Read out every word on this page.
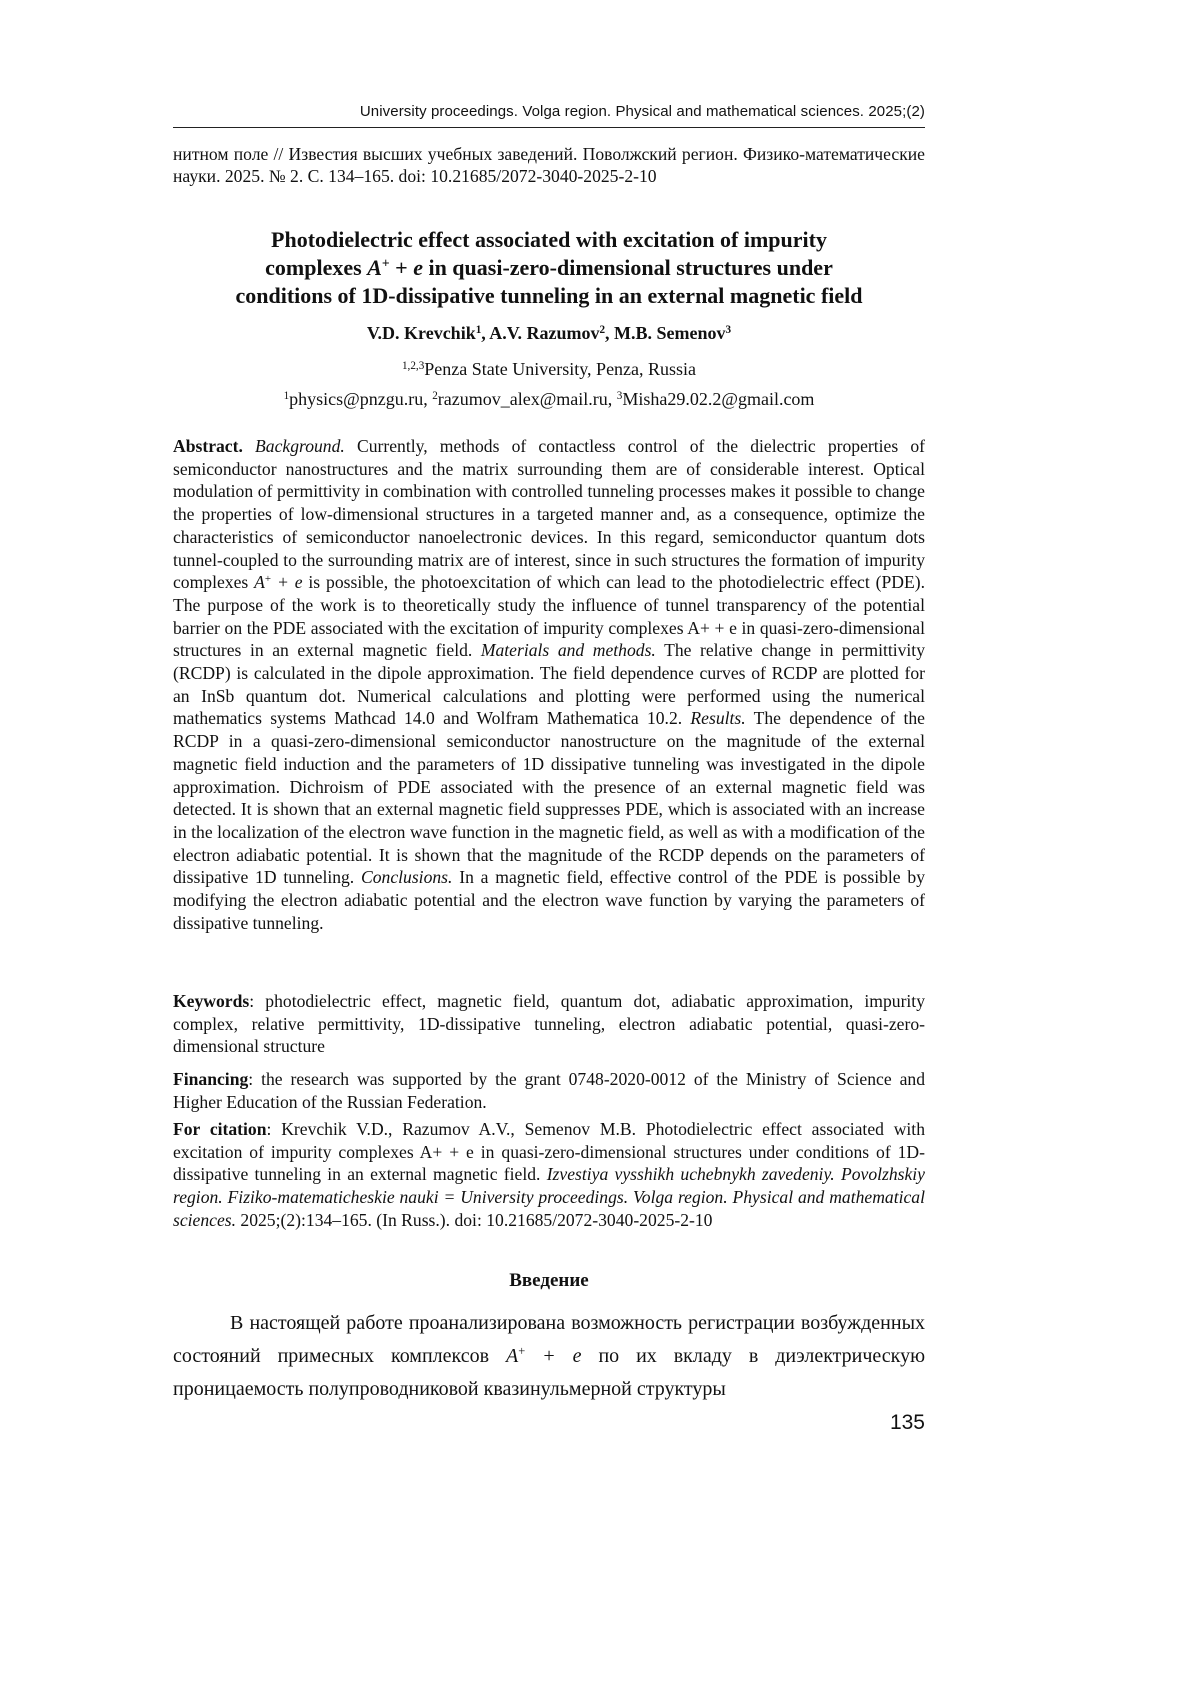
University proceedings. Volga region. Physical and mathematical sciences. 2025;(2)
нитном поле // Известия высших учебных заведений. Поволжский регион. Физико-математические науки. 2025. № 2. С. 134–165. doi: 10.21685/2072-3040-2025-2-10
Photodielectric effect associated with excitation of impurity
complexes A+ + e in quasi-zero-dimensional structures under
conditions of 1D-dissipative tunneling in an external magnetic field
V.D. Krevchik$^1$, A.V. Razumov$^2$, M.B. Semenov$^3$
$^{1,2,3}$Penza State University, Penza, Russia
$^1$physics@pnzgu.ru, $^2$razumov_alex@mail.ru, $^3$Misha29.02.2@gmail.com

Abstract. Background. Currently, methods of contactless control of the dielectric properties of semiconductor nanostructures and the matrix surrounding them are of considerable interest. Optical modulation of permittivity in combination with controlled tunneling processes makes it possible to change the properties of low-dimensional structures in a targeted manner and, as a consequence, optimize the characteristics of semiconductor nanoelectronic devices. In this regard, semiconductor quantum dots tunnel-coupled to the surrounding matrix are of interest, since in such structures the formation of impurity complexes A+ + e is possible, the photoexcitation of which can lead to the photodielectric effect (PDE). The purpose of the work is to theoretically study the influence of tunnel transparency of the potential barrier on the PDE associated with the excitation of impurity complexes A+ + e in quasi-zero-dimensional structures in an external magnetic field. Materials and methods. The relative change in permittivity (RCDP) is calculated in the dipole approximation. The field dependence curves of RCDP are plotted for an InSb quantum dot. Numerical calculations and plotting were performed using the numerical mathematics systems Mathcad 14.0 and Wolfram Mathematica 10.2. Results. The dependence of the RCDP in a quasi-zero-dimensional semiconductor nanostructure on the magnitude of the external magnetic field induction and the parameters of 1D dissipative tunneling was investigated in the dipole approximation. Dichroism of PDE associated with the presence of an external magnetic field was detected. It is shown that an external magnetic field suppresses PDE, which is associated with an increase in the localization of the electron wave function in the magnetic field, as well as with a modification of the electron adiabatic potential. It is shown that the magnitude of the RCDP depends on the parameters of dissipative 1D tunneling. Conclusions. In a magnetic field, effective control of the PDE is possible by modifying the electron adiabatic potential and the electron wave function by varying the parameters of dissipative tunneling.

Keywords: photodielectric effect, magnetic field, quantum dot, adiabatic approximation, impurity complex, relative permittivity, 1D-dissipative tunneling, electron adiabatic potential, quasi-zero-dimensional structure
Financing: the research was supported by the grant 0748-2020-0012 of the Ministry of Science and Higher Education of the Russian Federation.
For citation: Krevchik V.D., Razumov A.V., Semenov M.B. Photodielectric effect associated with excitation of impurity complexes A+ + e in quasi-zero-dimensional structures under conditions of 1D-dissipative tunneling in an external magnetic field. Izvestiya vysshikh uchebnykh zavedeniy. Povolzhskiy region. Fiziko-matematicheskie nauki = University proceedings. Volga region. Physical and mathematical sciences. 2025;(2):134–165. (In Russ.). doi: 10.21685/2072-3040-2025-2-10
Введение
В настоящей работе проанализирована возможность регистрации возбужденных состояний примесных комплексов A+ + e по их вкладу в диэлектрическую проницаемость полупроводниковой квазинульмерной структуры
135
